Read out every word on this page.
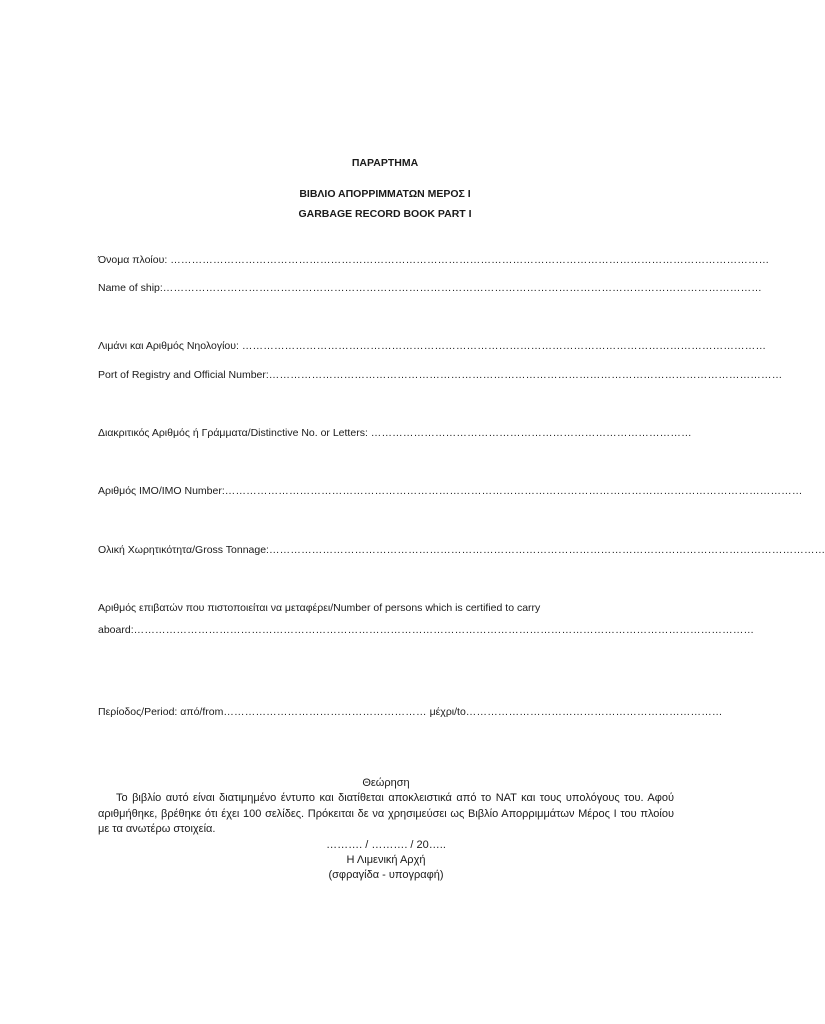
ΠΑΡΑΡΤΗΜΑ
ΒΙΒΛΙΟ ΑΠΟΡΡΙΜΜΑΤΩΝ ΜΕΡΟΣ Ι
GARBAGE RECORD BOOK PART I
Όνομα πλοίου: ……………………………………………………………………………………………………………………………………………………
Name of ship:……………………………………………………………………………………………………………………………………………………
Λιμάνι και Αριθμός Νηολογίου: …………………………………………………………………………………………………………………………………
Port of Registry and Official Number:………………………………………………………………………………………………………………………………
Διακριτικός Αριθμός ή Γράμματα/Distinctive No. or Letters: ………………………………………………………………………………
Αριθμός ΙΜΟ/IMO Number:………………………………………………………………………………………………………………………………………………
Ολική Χωρητικότητα/Gross Tonnage:…………………………………………………………………………………………………………………………………………
Αριθμός επιβατών που πιστοποιείται να μεταφέρει/Number of persons which is certified to carry
aboard:…………………………………………………………………………………………………………………………………………………………
Περίοδος/Period: από/from………………………………………………… μέχρι/to………………………………………………………………
Θεώρηση
Το βιβλίο αυτό είναι διατιμημένο έντυπο και διατίθεται αποκλειστικά από το ΝΑΤ και τους υπολόγους του. Αφού αριθμήθηκε, βρέθηκε ότι έχει 100 σελίδες. Πρόκειται δε να χρησιμεύσει ως Βιβλίο Απορριμμάτων Μέρος Ι του πλοίου με τα ανωτέρω στοιχεία.
………. / ………. / 20…..
Η Λιμενική Αρχή
(σφραγίδα - υπογραφή)
